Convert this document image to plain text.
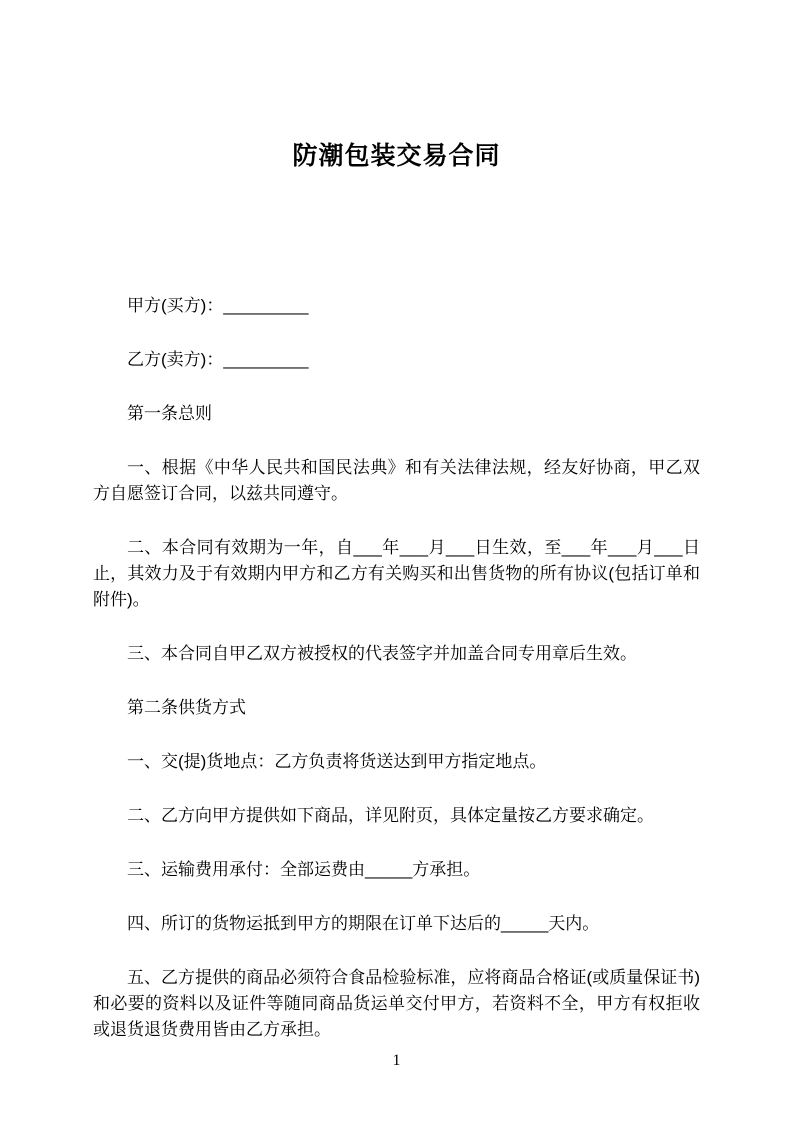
防潮包装交易合同

甲方(买方)：_________

乙方(卖方)：_________

第一条总则

一、根据《中华人民共和国民法典》和有关法律法规，经友好协商，甲乙双方自愿签订合同，以兹共同遵守。

二、本合同有效期为一年，自___年___月___日生效，至___年___月___日止，其效力及于有效期内甲方和乙方有关购买和出售货物的所有协议(包括订单和附件)。

三、本合同自甲乙双方被授权的代表签字并加盖合同专用章后生效。

第二条供货方式

一、交(提)货地点：乙方负责将货送达到甲方指定地点。

二、乙方向甲方提供如下商品，详见附页，具体定量按乙方要求确定。

三、运输费用承付：全部运费由_____方承担。

四、所订的货物运抵到甲方的期限在订单下达后的_____天内。

五、乙方提供的商品必须符合食品检验标准，应将商品合格证(或质量保证书)和必要的资料以及证件等随同商品货运单交付甲方，若资料不全，甲方有权拒收或退货退货费用皆由乙方承担。

1
